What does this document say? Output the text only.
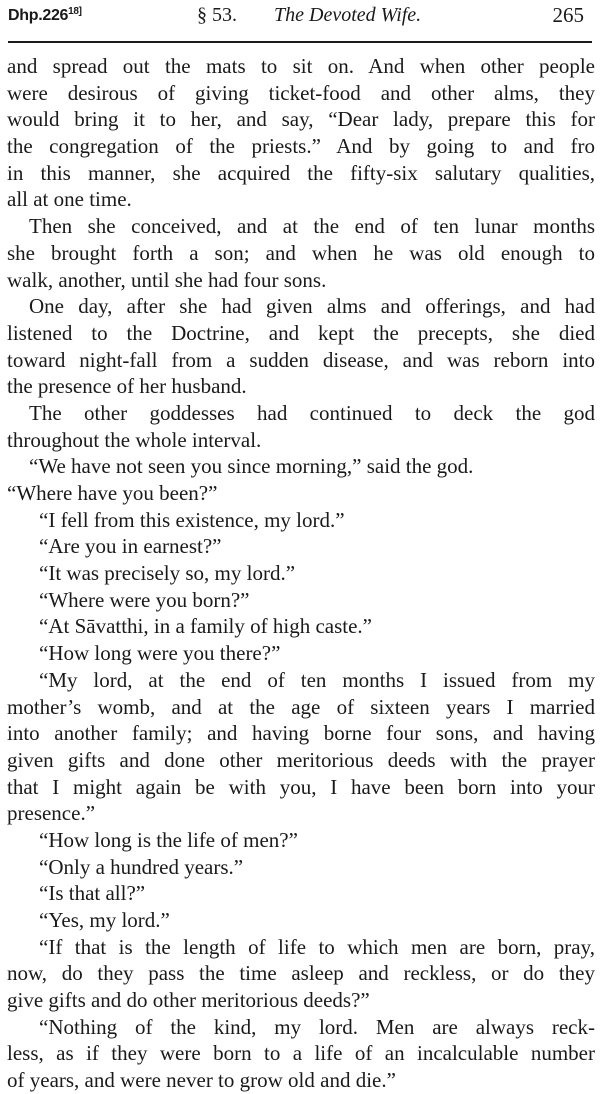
$Dhp.226^{18]}$	§ 53. The Devoted Wife.	265
and spread out the mats to sit on. And when other people
were desirous of giving ticket-food and other alms, they
would bring it to her, and say, “Dear lady, prepare this for
the congregation of the priests.” And by going to and fro
in this manner, she acquired the fifty-six salutary qualities,
all at one time.
Then she conceived, and at the end of ten lunar months
she brought forth a son; and when he was old enough to
walk, another, until she had four sons.
One day, after she had given alms and offerings, and had
listened to the Doctrine, and kept the precepts, she died
toward night-fall from a sudden disease, and was reborn into
the presence of her husband.
The other goddesses had continued to deck the god
throughout the whole interval.
“We have not seen you since morning,” said the god.
“Where have you been?”
“I fell from this existence, my lord.”
“Are you in earnest?”
“It was precisely so, my lord.”
“Where were you born?”
“At Sāvatthi, in a family of high caste.”
“How long were you there?”
“My lord, at the end of ten months I issued from my
mother’s womb, and at the age of sixteen years I married
into another family; and having borne four sons, and having
given gifts and done other meritorious deeds with the prayer
that I might again be with you, I have been born into your
presence.”
“How long is the life of men?”
“Only a hundred years.”
“Is that all?”
“Yes, my lord.”
“If that is the length of life to which men are born, pray,
now, do they pass the time asleep and reckless, or do they
give gifts and do other meritorious deeds?”
“Nothing of the kind, my lord. Men are always reck-
less, as if they were born to a life of an incalculable number
of years, and were never to grow old and die.”
